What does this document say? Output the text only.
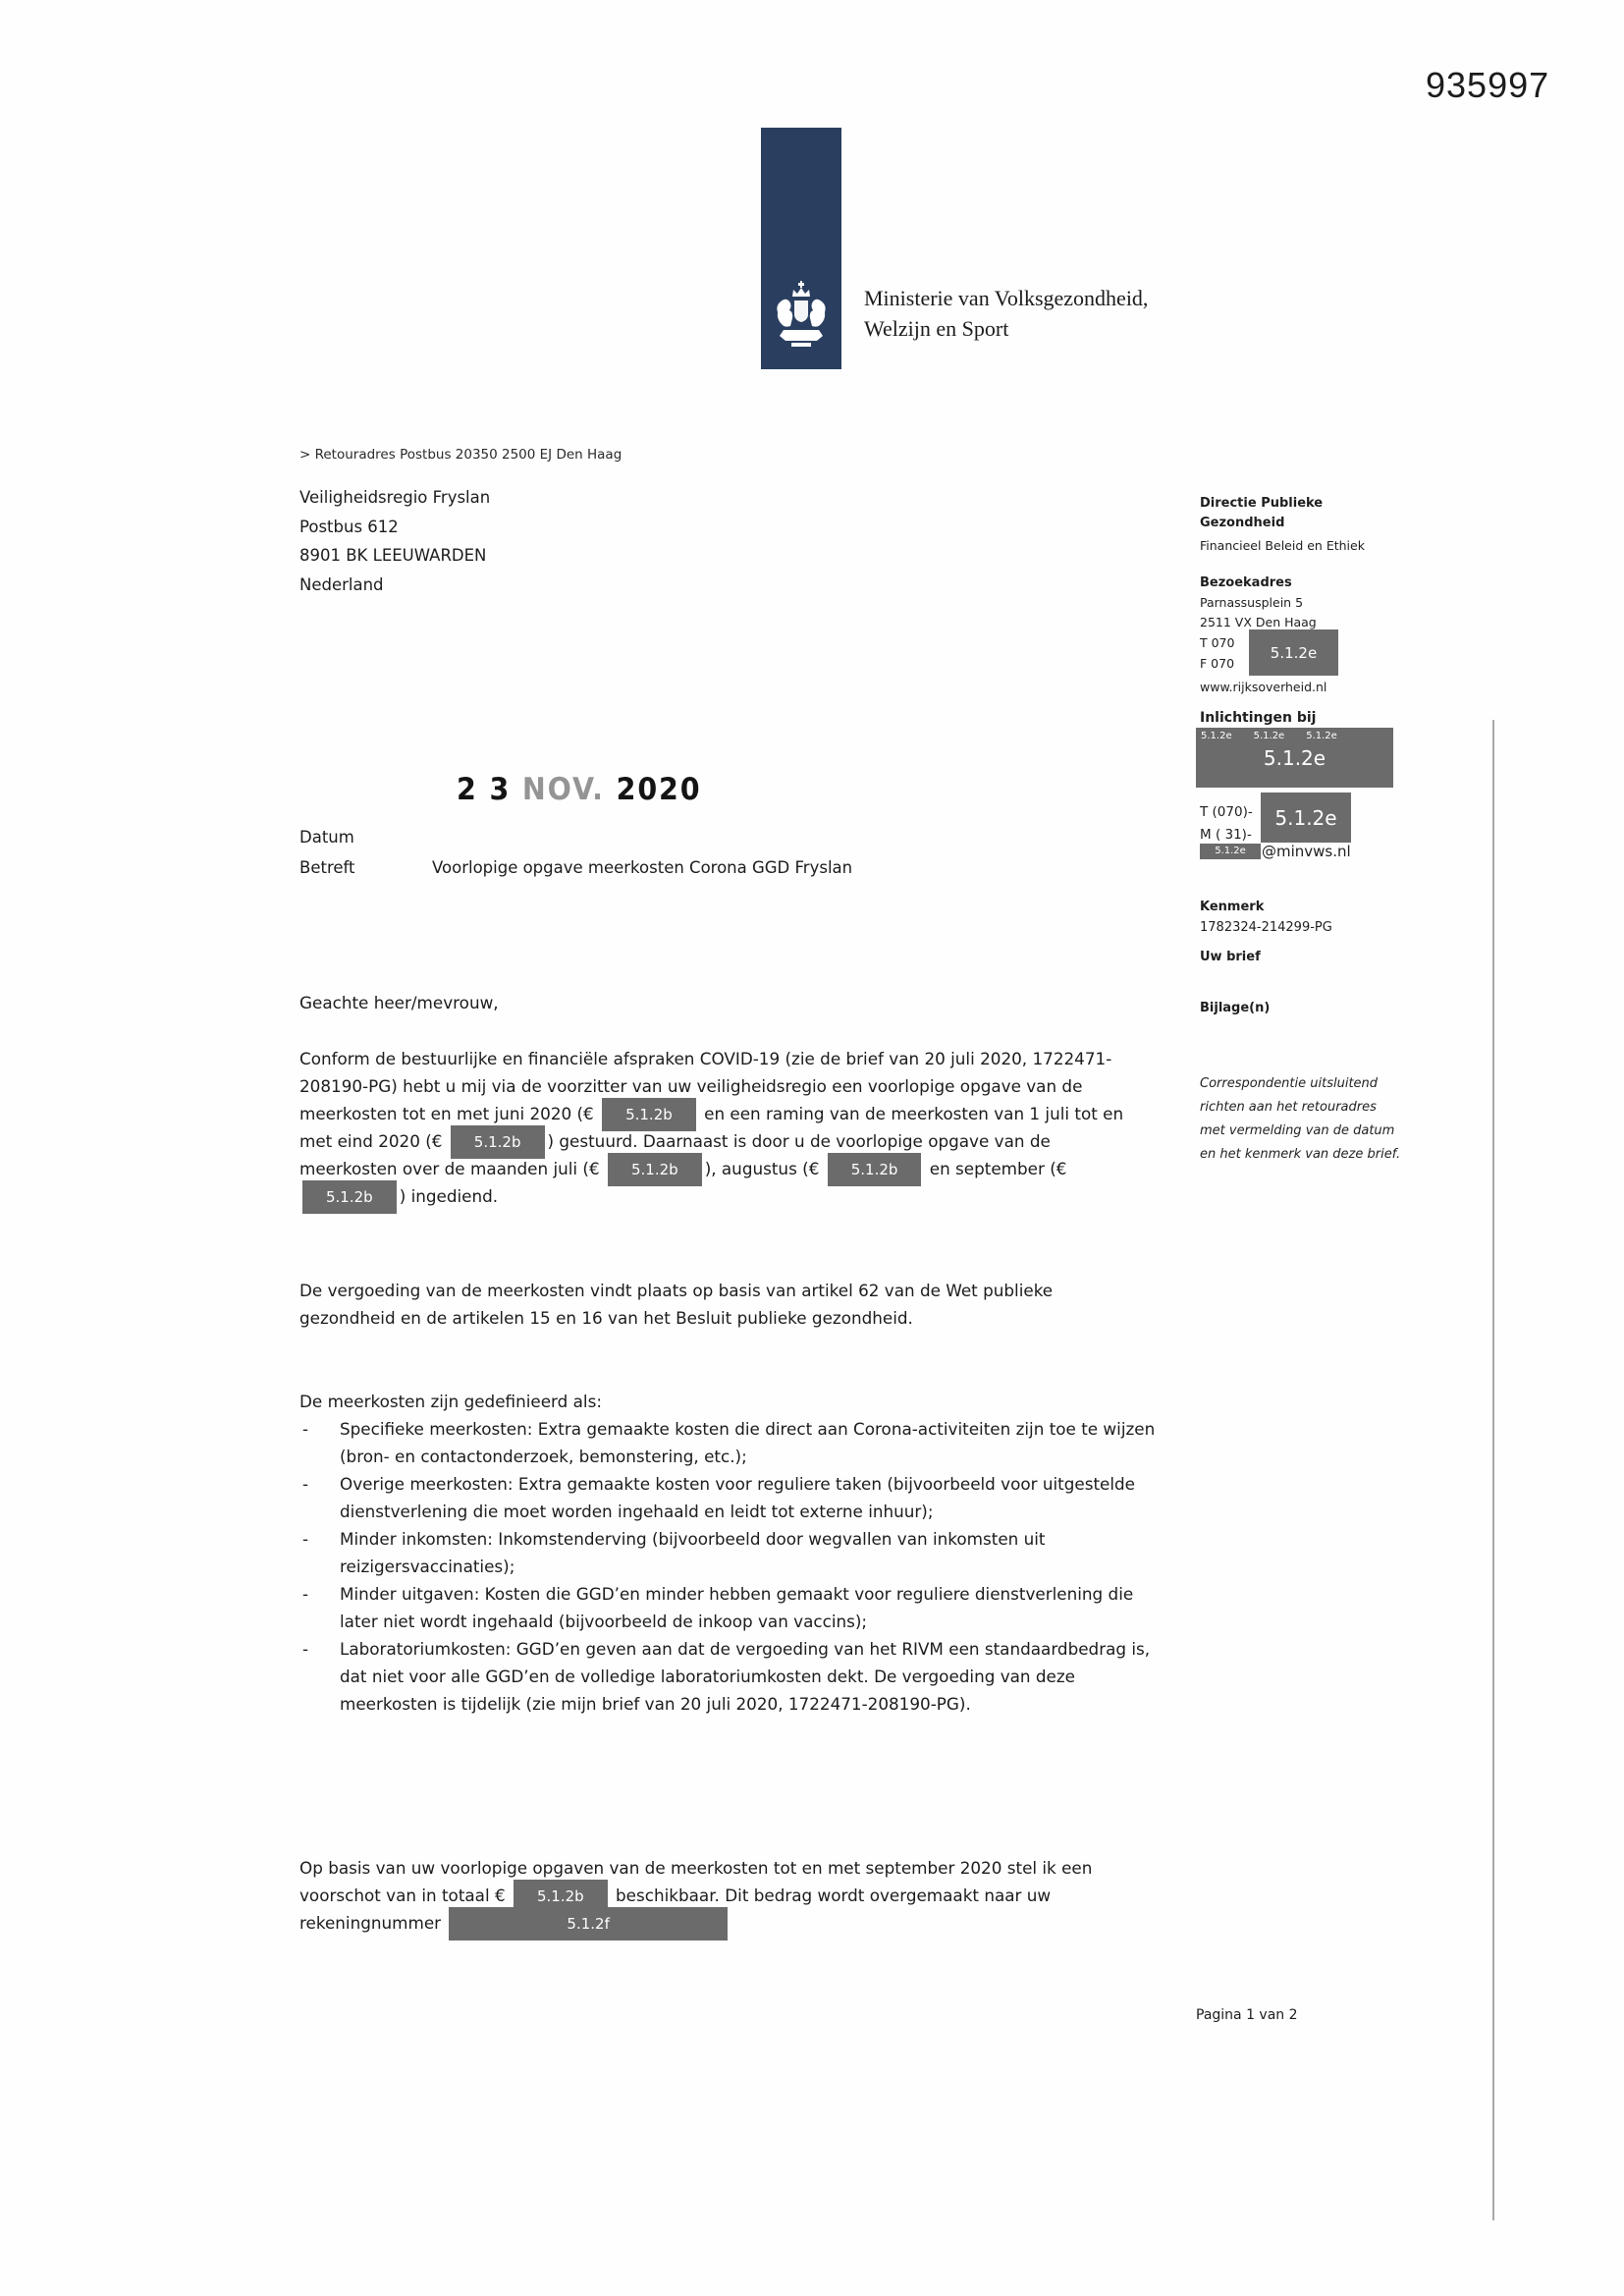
935997
Ministerie van Volksgezondheid,
Welzijn en Sport
> Retouradres Postbus 20350 2500 EJ Den Haag
Veiligheidsregio Fryslan
Postbus 612
8901 BK LEEUWARDEN
Nederland
2 3 NOV. 2020
Datum
Betreft	Voorlopige opgave meerkosten Corona GGD Fryslan
Geachte heer/mevrouw,
Conform de bestuurlijke en financiële afspraken COVID-19 (zie de brief van 20 juli 2020, 1722471-208190-PG) hebt u mij via de voorzitter van uw veiligheidsregio een voorlopige opgave van de meerkosten tot en met juni 2020 (€ 5.1.2b en een raming van de meerkosten van 1 juli tot en met eind 2020 (€ 5.1.2b ) gestuurd. Daarnaast is door u de voorlopige opgave van de meerkosten over de maanden juli (€ 5.1.2b ), augustus (€ 5.1.2b en september (€ 5.1.2b ) ingediend.
De vergoeding van de meerkosten vindt plaats op basis van artikel 62 van de Wet publieke gezondheid en de artikelen 15 en 16 van het Besluit publieke gezondheid.
De meerkosten zijn gedefinieerd als:
- Specifieke meerkosten: Extra gemaakte kosten die direct aan Corona-activiteiten zijn toe te wijzen (bron- en contactonderzoek, bemonstering, etc.);
- Overige meerkosten: Extra gemaakte kosten voor reguliere taken (bijvoorbeeld voor uitgestelde dienstverlening die moet worden ingehaald en leidt tot externe inhuur);
- Minder inkomsten: Inkomstenderving (bijvoorbeeld door wegvallen van inkomsten uit reizigersvaccinaties);
- Minder uitgaven: Kosten die GGD’en minder hebben gemaakt voor reguliere dienstverlening die later niet wordt ingehaald (bijvoorbeeld de inkoop van vaccins);
- Laboratoriumkosten: GGD’en geven aan dat de vergoeding van het RIVM een standaardbedrag is, dat niet voor alle GGD’en de volledige laboratoriumkosten dekt. De vergoeding van deze meerkosten is tijdelijk (zie mijn brief van 20 juli 2020, 1722471-208190-PG).
Op basis van uw voorlopige opgaven van de meerkosten tot en met september 2020 stel ik een voorschot van in totaal € 5.1.2b beschikbaar. Dit bedrag wordt overgemaakt naar uw rekeningnummer	5.1.2f
Directie Publieke
Gezondheid
Financieel Beleid en Ethiek
Bezoekadres
Parnassusplein 5
2511 VX Den Haag
T 070
F 070
5.1.2e
www.rijksoverheid.nl
Inlichtingen bij
5.1.2e 5.1.2e 5.1.2e
5.1.2e
T (070)-
M ( 31)-
5.1.2e
5.1.2e	@minvws.nl
Kenmerk
1782324-214299-PG
Uw brief
Bijlage(n)
Correspondentie uitsluitend richten aan het retouradres met vermelding van de datum en het kenmerk van deze brief.
Pagina 1 van 2
